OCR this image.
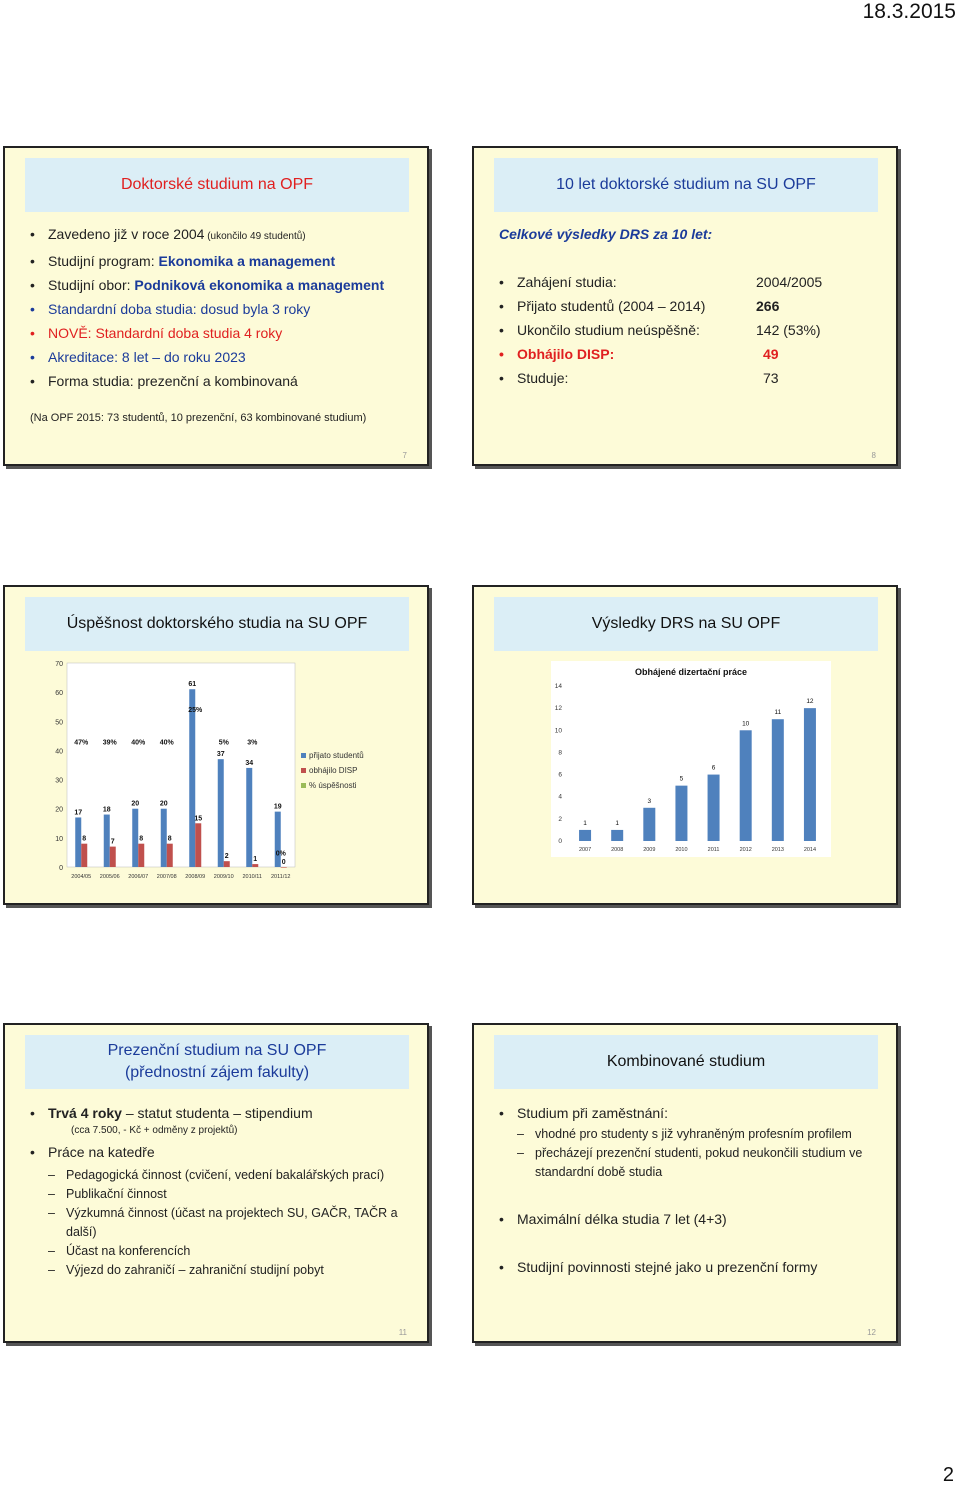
18.3.2015
Doktorské studium na OPF
• Zavedeno již v roce 2004 (ukončilo 49 studentů)
• Studijní program: Ekonomika a management
• Studijní obor: Podniková ekonomika a management
• Standardní doba studia: dosud byla 3 roky
• NOVĚ: Standardní doba studia 4 roky
• Akreditace: 8 let – do roku 2023
• Forma studia: prezenční a kombinovaná
(Na OPF 2015: 73 studentů, 10 prezenční, 63 kombinované studium)
7
10 let doktorské studium na SU OPF
Celkové výsledky DRS za 10 let:
• Zahájení studia:	2004/2005
• Přijato studentů (2004 – 2014)	266
• Ukončilo studium neúspěšně:	142 (53%)
• Obhájilo DISP:	49
• Studuje:	73
8
Úspěšnost doktorského studia na SU OPF
0
10
20
30
40
50
60
70
17
8
47%
2004/05
18
7
39%
2005/06
20
8
40%
2006/07
20
8
40%
2007/08
61
15
25%
2008/09
37
2
5%
2009/10
34
1
3%
2010/11
19
0
0%
2011/12
přijato studentů
obhájilo DISP
% úspěšnosti
Výsledky DRS na SU OPF
Obhájené dizertační práce
0
2
4
6
8
10
12
14
1
2007
1
2008
3
2009
5
2010
6
2011
10
2012
11
2013
12
2014
Prezenční studium na SU OPF
(přednostní zájem fakulty)
• Trvá 4 roky – statut studenta – stipendium
(cca 7.500, - Kč + odměny z projektů)
• Práce na katedře
– Pedagogická činnost (cvičení, vedení bakalářských prací)
– Publikační činnost
– Výzkumná činnost (účast na projektech SU, GAČR, TAČR a další)
– Účast na konferencích
– Výjezd do zahraničí – zahraniční studijní pobyt
11
Kombinované studium
• Studium při zaměstnání:
– vhodné pro studenty s již vyhraněným profesním profilem
– přecházejí prezenční studenti, pokud neukončili studium ve standardní době studia
• Maximální délka studia 7 let (4+3)
• Studijní povinnosti stejné jako u prezenční formy
12
2
